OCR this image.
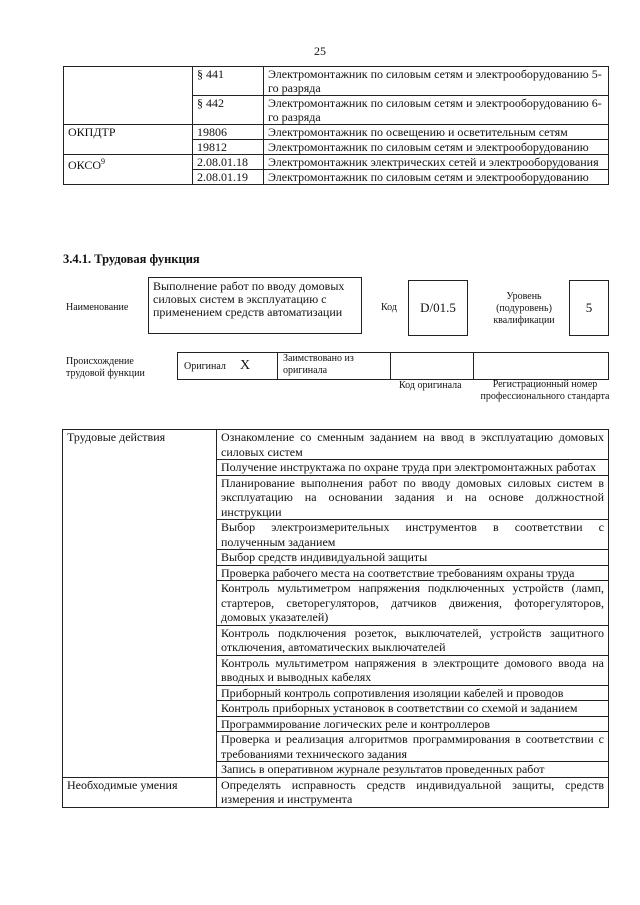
25
	§ 441	Электромонтажник по силовым сетям и электрооборудованию 5-го разряда
	§ 442	Электромонтажник по силовым сетям и электрооборудованию 6-го разряда
ОКПДТР	19806	Электромонтажник по освещению и осветительным сетям
	19812	Электромонтажник по силовым сетям и электрооборудованию
ОКСО$^9$	2.08.01.18	Электромонтажник электрических сетей и электрооборудования
	2.08.01.19	Электромонтажник по силовым сетям и электрооборудованию
3.4.1. Трудовая функция
Наименование
Выполнение работ по вводу домовых силовых систем в эксплуатацию с применением средств автоматизации	Код	D/01.5
Уровень (подуровень) квалификации
5
Происхождение трудовой функции
Оригинал X	Заимствовано из оригинала
Код оригинала	Регистрационный номер профессионального стандарта
Трудовые действия	Ознакомление со сменным заданием на ввод в эксплуатацию домовых силовых систем
	Получение инструктажа по охране труда при электромонтажных работах
	Планирование выполнения работ по вводу домовых силовых систем в эксплуатацию на основании задания и на основе должностной инструкции
	Выбор электроизмерительных инструментов в соответствии с полученным заданием
	Выбор средств индивидуальной защиты
	Проверка рабочего места на соответствие требованиям охраны труда
	Контроль мультиметром напряжения подключенных устройств (ламп, стартеров, светорегуляторов, датчиков движения, фоторегуляторов, домовых указателей)
	Контроль подключения розеток, выключателей, устройств защитного отключения, автоматических выключателей
	Контроль мультиметром напряжения в электрощите домового ввода на вводных и выводных кабелях
	Приборный контроль сопротивления изоляции кабелей и проводов
	Контроль приборных установок в соответствии со схемой и заданием
	Программирование логических реле и контроллеров
	Проверка и реализация алгоритмов программирования в соответствии с требованиями технического задания
	Запись в оперативном журнале результатов проведенных работ
Необходимые умения	Определять исправность средств индивидуальной защиты, средств измерения и инструмента
